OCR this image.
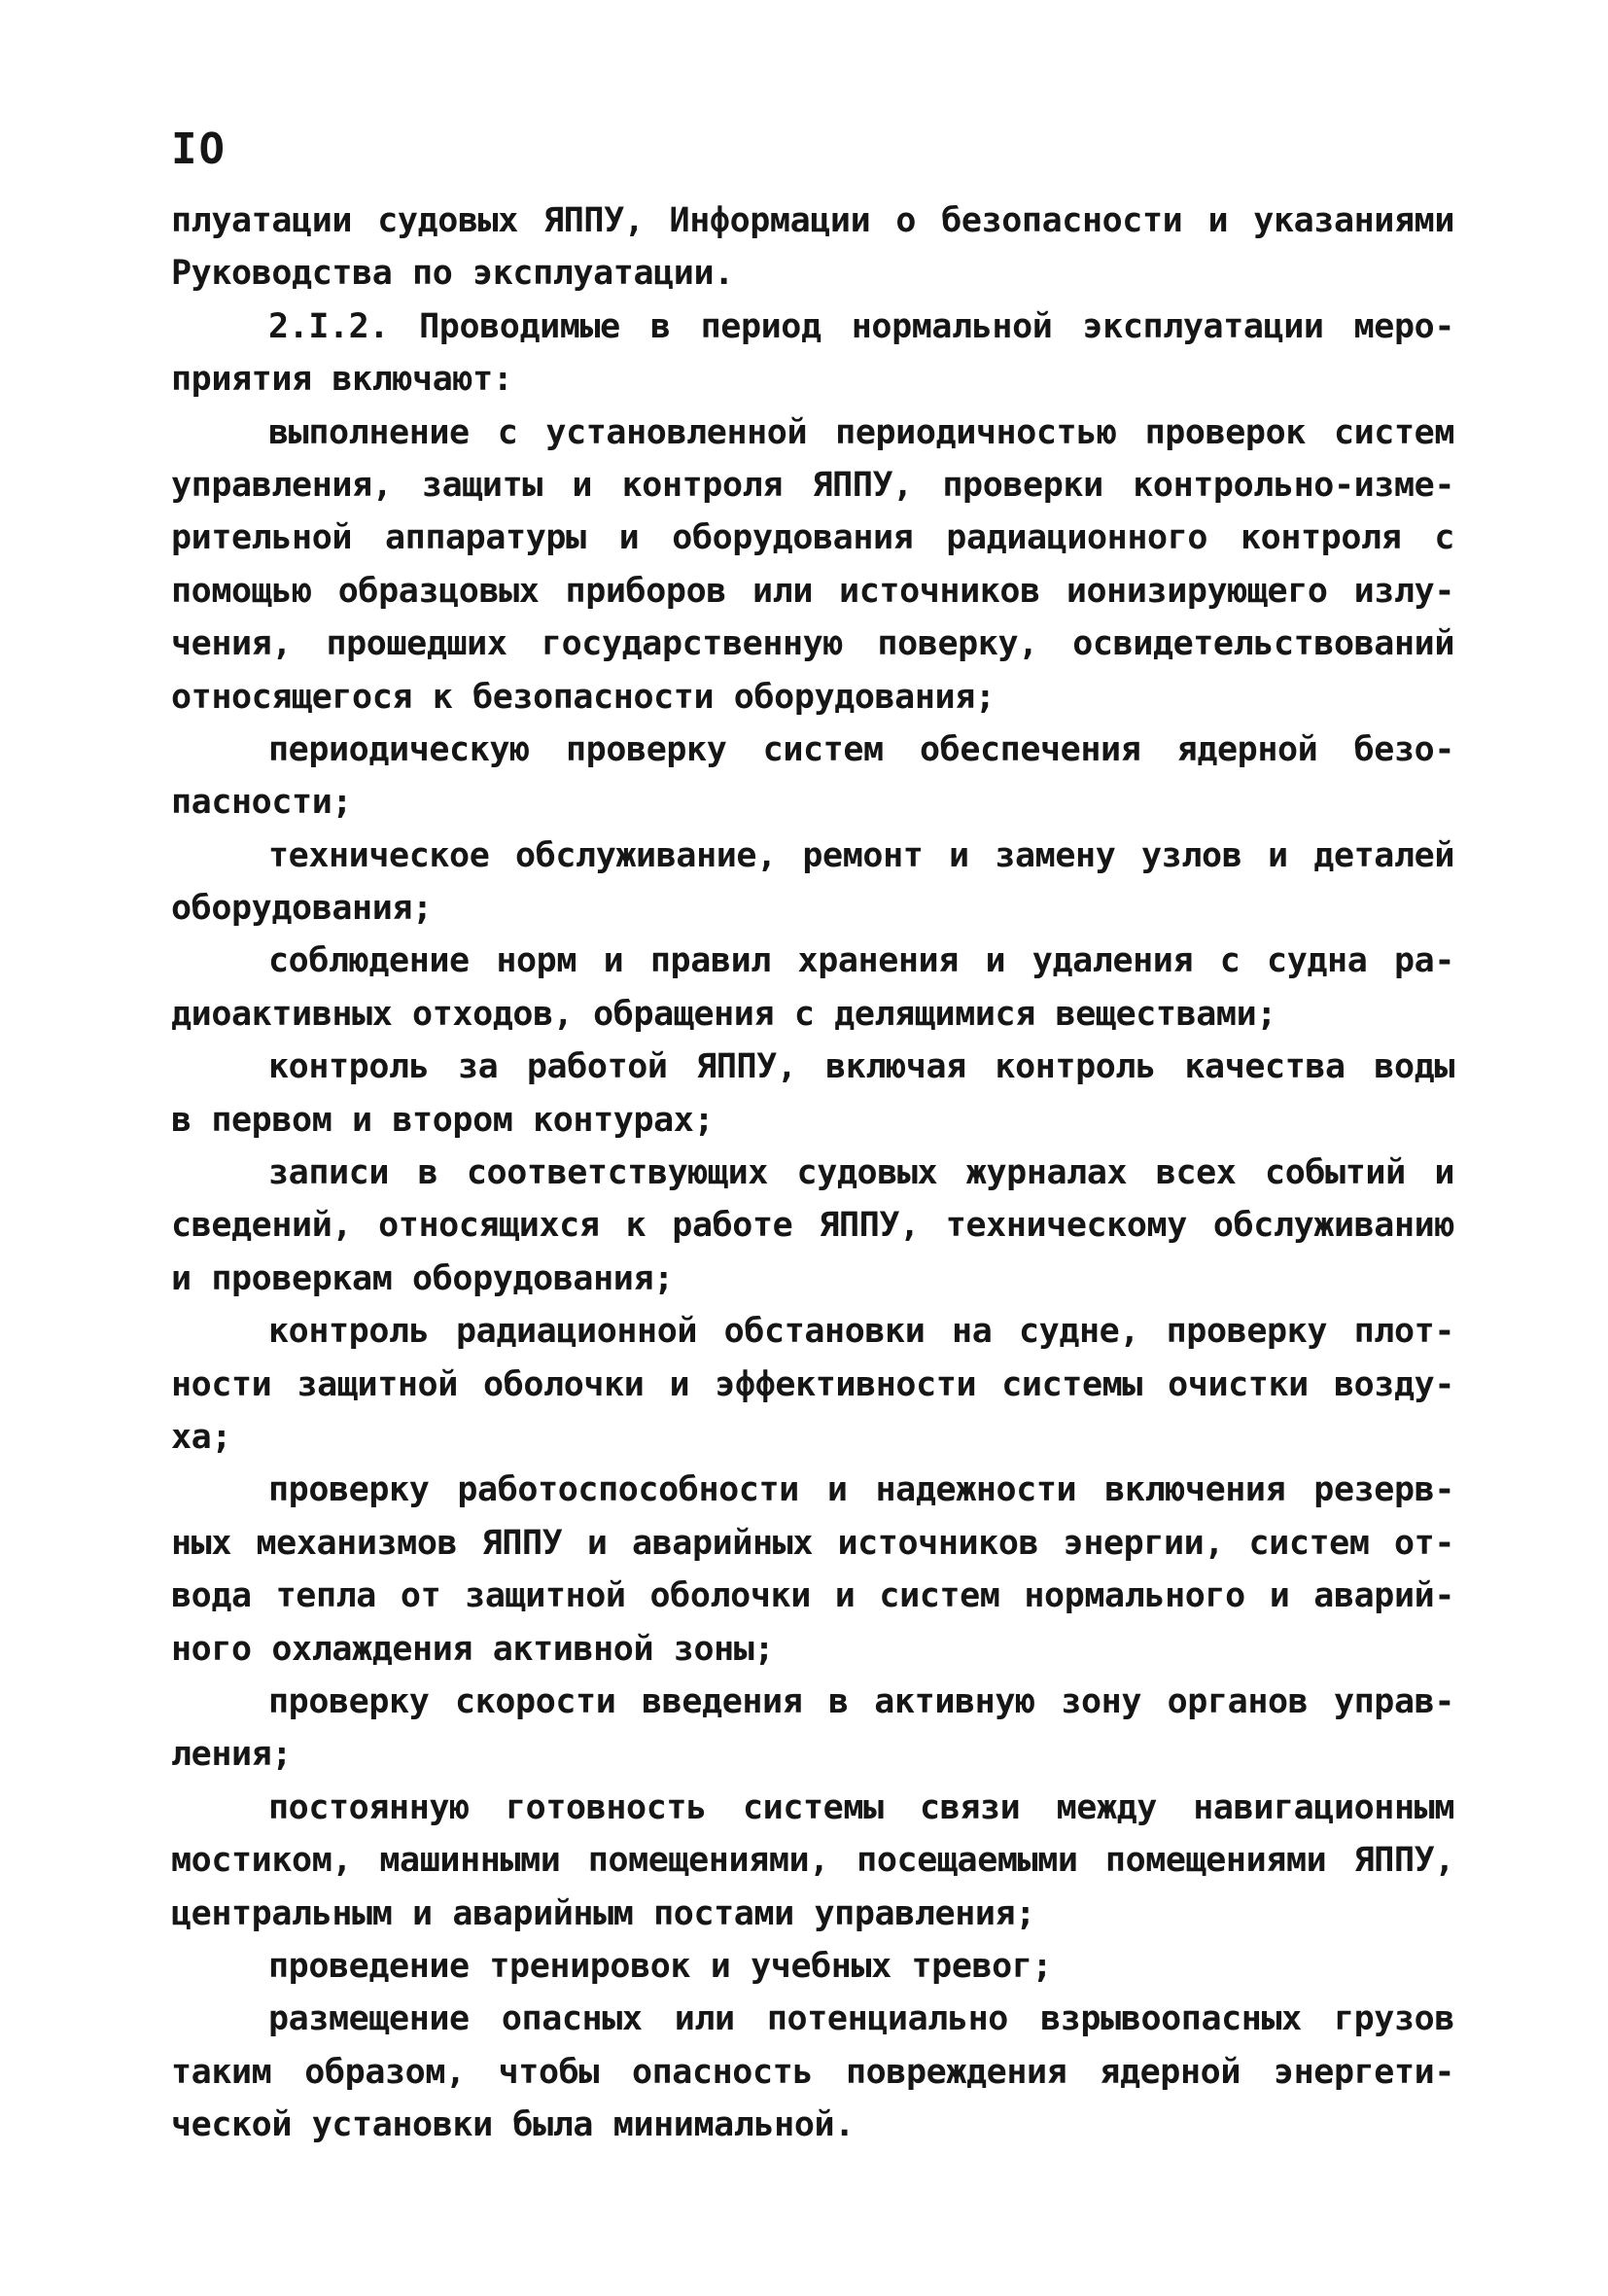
IO
плуатации судовых ЯППУ, Информации о безопасности и указаниями
Руководства по эксплуатации.
2.I.2. Проводимые в период нормальной эксплуатации меро-
приятия включают:
выполнение с установленной периодичностью проверок систем
управления, защиты и контроля ЯППУ, проверки контрольно-изме-
рительной аппаратуры и оборудования радиационного контроля с
помощью образцовых приборов или источников ионизирующего излу-
чения, прошедших государственную поверку, освидетельствований
относящегося к безопасности оборудования;
периодическую проверку систем обеспечения ядерной безо-
пасности;
техническое обслуживание, ремонт и замену узлов и деталей
оборудования;
соблюдение норм и правил хранения и удаления с судна ра-
диоактивных отходов, обращения с делящимися веществами;
контроль за работой ЯППУ, включая контроль качества воды
в первом и втором контурах;
записи в соответствующих судовых журналах всех событий и
сведений, относящихся к работе ЯППУ, техническому обслуживанию
и проверкам оборудования;
контроль радиационной обстановки на судне, проверку плот-
ности защитной оболочки и эффективности системы очистки возду-
ха;
проверку работоспособности и надежности включения резерв-
ных механизмов ЯППУ и аварийных источников энергии, систем от-
вода тепла от защитной оболочки и систем нормального и аварий-
ного охлаждения активной зоны;
проверку скорости введения в активную зону органов управ-
ления;
постоянную готовность системы связи между навигационным
мостиком, машинными помещениями, посещаемыми помещениями ЯППУ,
центральным и аварийным постами управления;
проведение тренировок и учебных тревог;
размещение опасных или потенциально взрывоопасных грузов
таким образом, чтобы опасность повреждения ядерной энергети-
ческой установки была минимальной.
